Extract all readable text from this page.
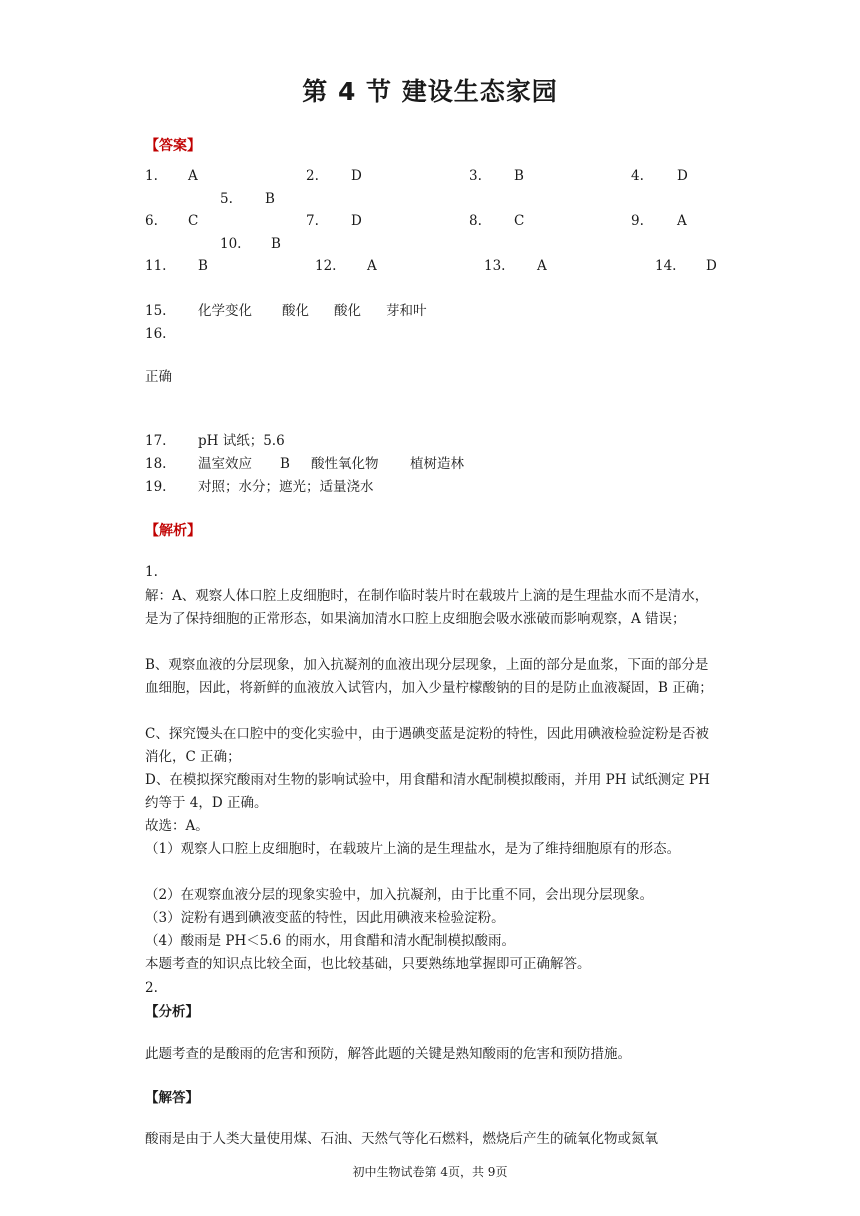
第 4 节 建设生态家园
【答案】
1. A	2. D	3. B	4. D
5. B
6. C	7. D	8. C	9. A
10. B
11. B	12. A	13. A	14. D
15. 化学变化 酸化 酸化 芽和叶
16.
正确
17. pH 试纸；5.6
18. 温室效应 B 酸性氧化物 植树造林
19. 对照；水分；遮光；适量浇水
【解析】
1.
解：A、观察人体口腔上皮细胞时，在制作临时装片时在载玻片上滴的是生理盐水而不是清水，是为了保持细胞的正常形态，如果滴加清水口腔上皮细胞会吸水涨破而影响观察，A 错误；
B、观察血液的分层现象，加入抗凝剂的血液出现分层现象，上面的部分是血浆，下面的部分是血细胞，因此，将新鲜的血液放入试管内，加入少量柠檬酸钠的目的是防止血液凝固，B 正确；
C、探究馒头在口腔中的变化实验中，由于遇碘变蓝是淀粉的特性，因此用碘液检验淀粉是否被消化，C 正确；
D、在模拟探究酸雨对生物的影响试验中，用食醋和清水配制模拟酸雨，并用 PH 试纸测定 PH 约等于 4，D 正确。
故选：A。
（1）观察人口腔上皮细胞时，在载玻片上滴的是生理盐水，是为了维持细胞原有的形态。
（2）在观察血液分层的现象实验中，加入抗凝剂，由于比重不同，会出现分层现象。
（3）淀粉有遇到碘液变蓝的特性，因此用碘液来检验淀粉。
（4）酸雨是 PH＜5.6 的雨水，用食醋和清水配制模拟酸雨。
本题考查的知识点比较全面，也比较基础，只要熟练地掌握即可正确解答。
2.
【分析】
此题考查的是酸雨的危害和预防，解答此题的关键是熟知酸雨的危害和预防措施。
【解答】
酸雨是由于人类大量使用煤、石油、天然气等化石燃料，燃烧后产生的硫氧化物或氮氧
初中生物试卷第 4页，共 9页
